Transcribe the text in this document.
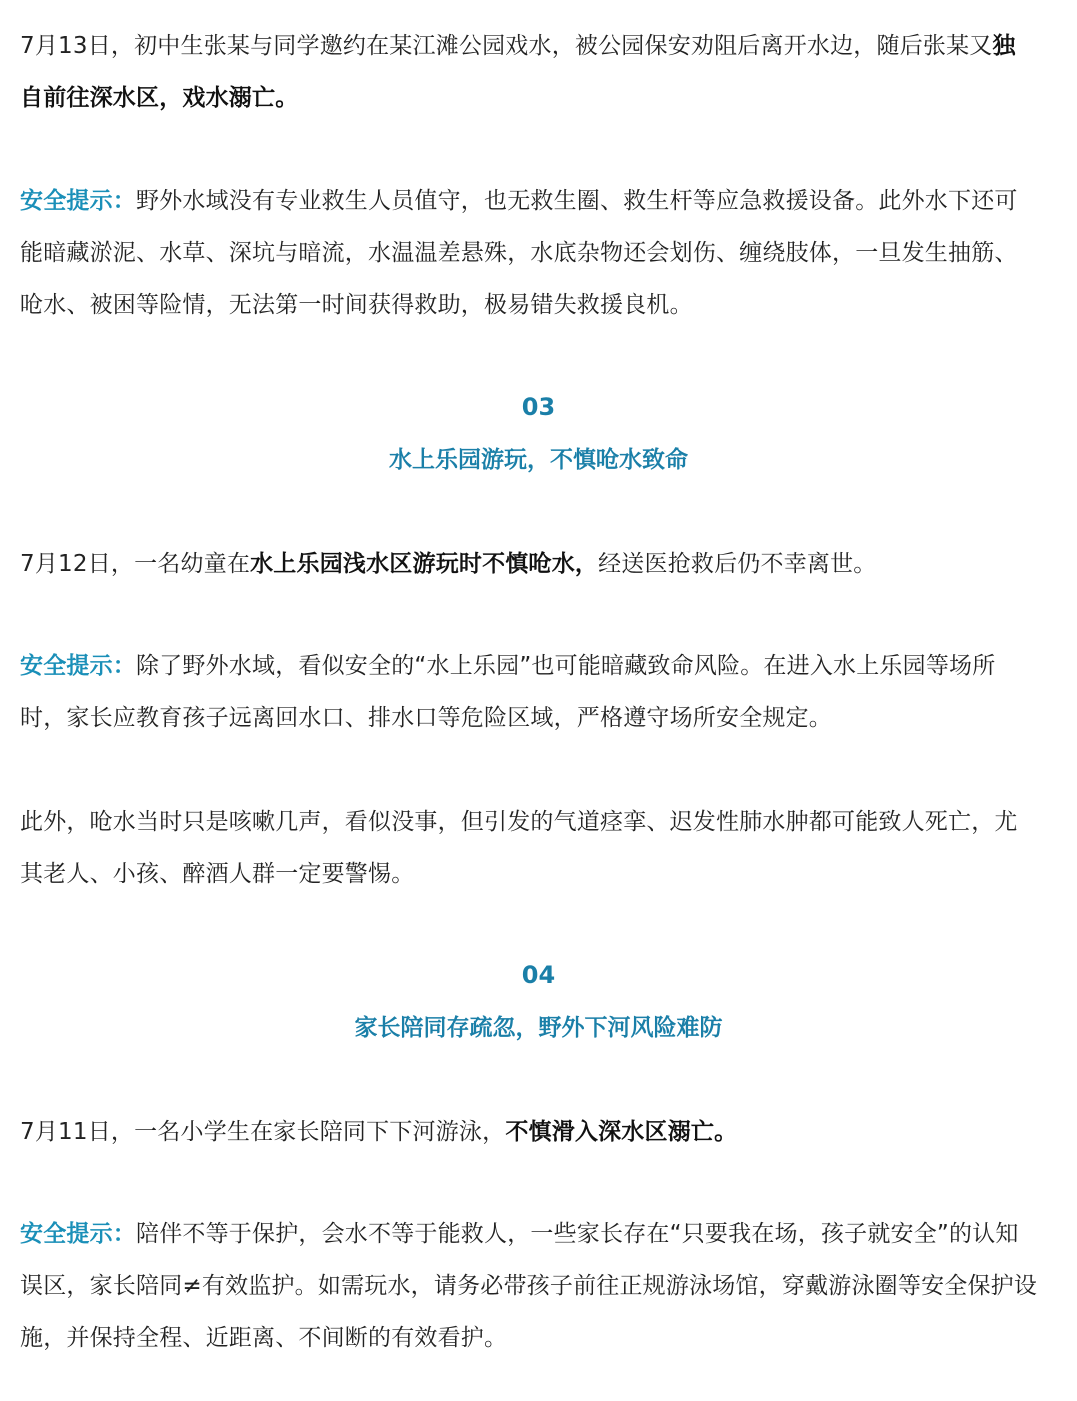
7月13日，初中生张某与同学邀约在某江滩公园戏水，被公园保安劝阻后离开水边，随后张某又独自前往深水区，戏水溺亡。

安全提示：野外水域没有专业救生人员值守，也无救生圈、救生杆等应急救援设备。此外水下还可能暗藏淤泥、水草、深坑与暗流，水温温差悬殊，水底杂物还会划伤、缠绕肢体，一旦发生抽筋、呛水、被困等险情，无法第一时间获得救助，极易错失救援良机。

03
水上乐园游玩，不慎呛水致命

7月12日，一名幼童在水上乐园浅水区游玩时不慎呛水，经送医抢救后仍不幸离世。

安全提示：除了野外水域，看似安全的“水上乐园”也可能暗藏致命风险。在进入水上乐园等场所时，家长应教育孩子远离回水口、排水口等危险区域，严格遵守场所安全规定。

此外，呛水当时只是咳嗽几声，看似没事，但引发的气道痉挛、迟发性肺水肿都可能致人死亡，尤其老人、小孩、醉酒人群一定要警惕。

04
家长陪同存疏忽，野外下河风险难防

7月11日，一名小学生在家长陪同下下河游泳，不慎滑入深水区溺亡。

安全提示：陪伴不等于保护，会水不等于能救人，一些家长存在“只要我在场，孩子就安全”的认知误区，家长陪同≠有效监护。如需玩水，请务必带孩子前往正规游泳场馆，穿戴游泳圈等安全保护设施，并保持全程、近距离、不间断的有效看护。
